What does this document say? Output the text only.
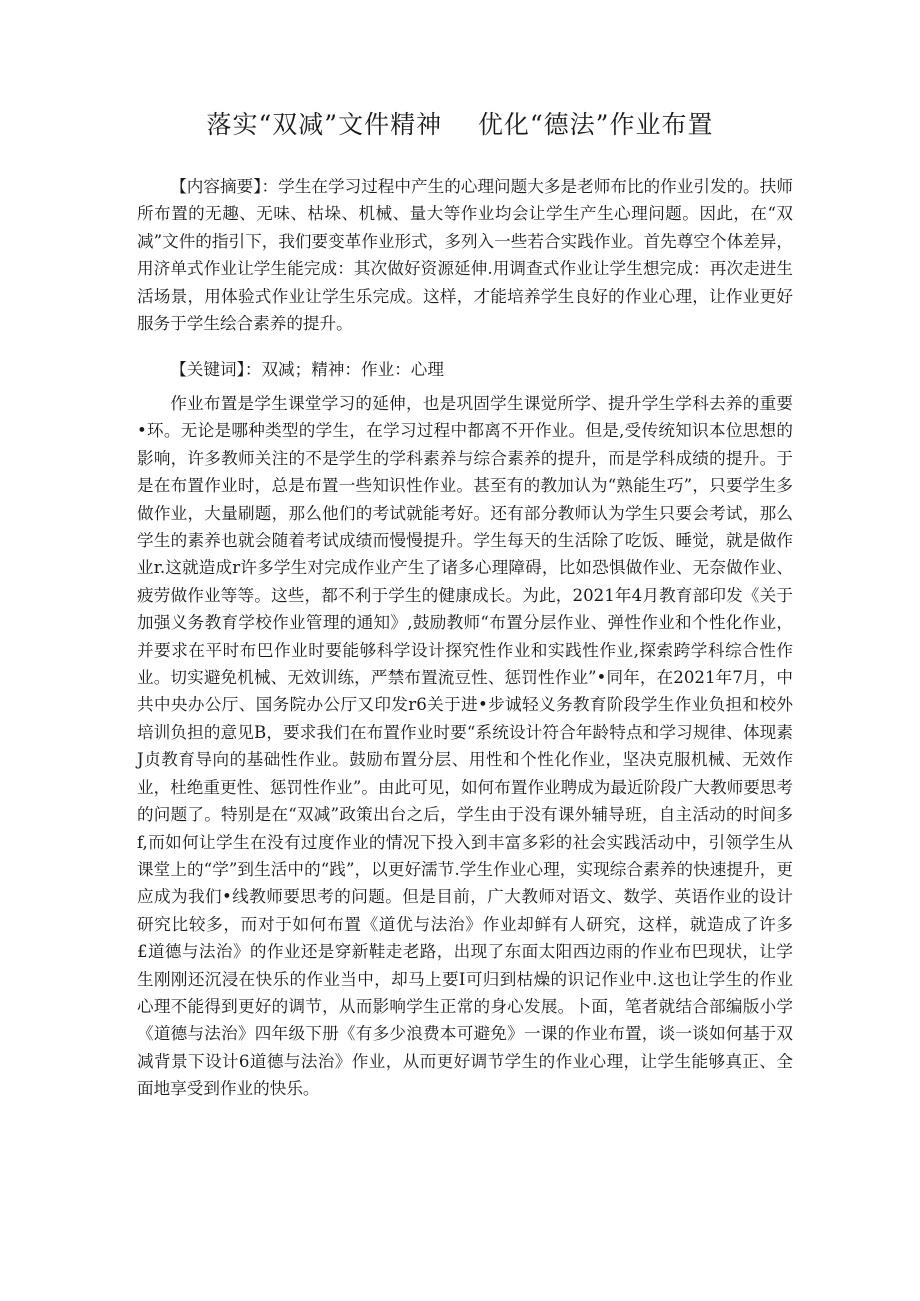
落实“双减”文件精神    优化“德法”作业布置

【内容摘要】：学生在学习过程中产生的心理问题大多是老师布比的作业引发的。扶师所布置的无趣、无味、枯垛、机械、量大等作业均会让学生产生心理问题。因此，在“双减”文件的指引下，我们要变革作业形式，多列入一些若合实践作业。首先尊空个体差异，用济单式作业让学生能完成：其次做好资源延伸.用调查式作业让学生想完成：再次走进生活场景，用体验式作业让学生乐完成。这样，才能培养学生良好的作业心理，让作业更好服务于学生绘合素养的提升。

【关键词】：双减；精神：作业：心理

作业布置是学生课堂学习的延伸，也是巩固学生课觉所学、提升学生学科去养的重要•环。无论是哪种类型的学生，在学习过程中都离不开作业。但是,受传统知识本位思想的影响，许多教师关注的不是学生的学科素养与综合素养的提升，而是学科成绩的提升。于是在布置作业时，总是布置一些知识性作业。甚至有的教加认为“熟能生巧”，只要学生多做作业，大量刷题，那么他们的考试就能考好。还有部分教师认为学生只要会考试，那么学生的素养也就会随着考试成绩而慢慢提升。学生每天的生活除了吃饭、睡觉，就是做作业r.这就造成r许多学生对完成作业产生了诸多心理障碍，比如恐惧做作业、无奈做作业、疲劳做作业等等。这些，都不利于学生的健康成长。为此，2021年4月教育部印发《关于加强义务教育学校作业管理的通知》,鼓励教师“布置分层作业、弹性作业和个性化作业，并要求在平时布巴作业时要能够科学设计探究性作业和实践性作业,探索跨学科综合性作业。切实避免机械、无效训练，严禁布置流豆性、惩罚性作业”•同年，在2021年7月，中共中央办公厅、国务院办公厅又印发r6关于进•步诚轻义务教育阶段学生作业负担和校外培训负担的意见B，要求我们在布置作业时要“系统设计符合年龄特点和学习规律、体现素J贞教育导向的基础性作业。鼓励布置分层、用性和个性化作业，坚决克服机械、无效作业，杜绝重更性、惩罚性作业”。由此可见，如何布置作业聘成为最近阶段广大教师要思考的问题了。特别是在“双减”政策出台之后，学生由于没有课外辅导班，自主活动的时间多f,而如何让学生在没有过度作业的情况下投入到丰富多彩的社会实践活动中，引领学生从课堂上的“学”到生活中的“践”，以更好濡节.学生作业心理，实现综合素养的快速提升，更应成为我们•线教师要思考的问题。但是目前，广大教师对语文、数学、英语作业的设计研究比较多，而对于如何布置《道优与法治》作业却鲜有人研究，这样，就造成了许多£道德与法治》的作业还是穿新鞋走老路，出现了东面太阳西边雨的作业布巴现状，让学生刚刚还沉浸在快乐的作业当中，却马上要I可归到枯燥的识记作业中.这也让学生的作业心理不能得到更好的调节，从而影响学生正常的身心发展。卜面，笔者就结合部编版小学《道德与法治》四年级下册《有多少浪费本可避免》一课的作业布置，谈一谈如何基于双减背景下设计6道德与法治》作业，从而更好调节学生的作业心理，让学生能够真正、全面地享受到作业的快乐。
